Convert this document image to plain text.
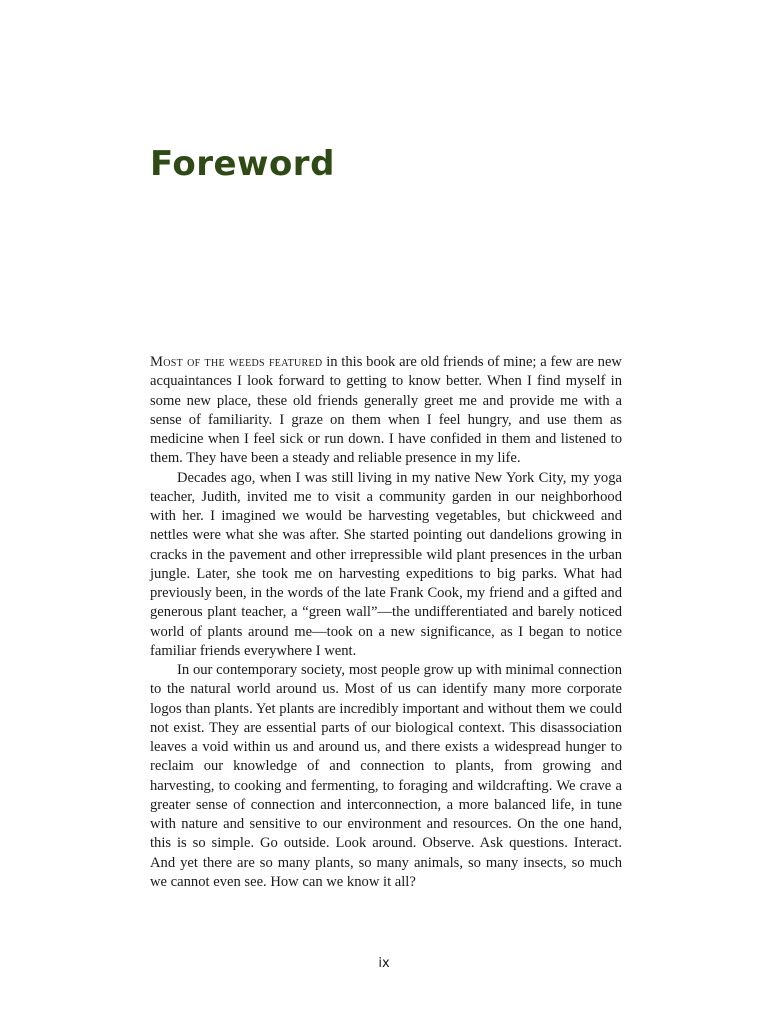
Foreword

Most of the weeds featured in this book are old friends of mine; a few are new acquaintances I look forward to getting to know better. When I find myself in some new place, these old friends generally greet me and provide me with a sense of familiarity. I graze on them when I feel hungry, and use them as medicine when I feel sick or run down. I have confided in them and listened to them. They have been a steady and reliable presence in my life.

Decades ago, when I was still living in my native New York City, my yoga teacher, Judith, invited me to visit a community garden in our neighborhood with her. I imagined we would be harvesting vegetables, but chickweed and nettles were what she was after. She started pointing out dandelions growing in cracks in the pavement and other irrepressible wild plant presences in the urban jungle. Later, she took me on harvesting expeditions to big parks. What had previously been, in the words of the late Frank Cook, my friend and a gifted and generous plant teacher, a “green wall”—the undifferentiated and barely noticed world of plants around me—took on a new significance, as I began to notice familiar friends everywhere I went.

In our contemporary society, most people grow up with minimal connection to the natural world around us. Most of us can identify many more corporate logos than plants. Yet plants are incredibly important and without them we could not exist. They are essential parts of our biological context. This disassociation leaves a void within us and around us, and there exists a widespread hunger to reclaim our knowledge of and connection to plants, from growing and harvesting, to cooking and fermenting, to foraging and wildcrafting. We crave a greater sense of connection and interconnection, a more balanced life, in tune with nature and sensitive to our environment and resources. On the one hand, this is so simple. Go outside. Look around. Observe. Ask questions. Interact. And yet there are so many plants, so many animals, so many insects, so much we cannot even see. How can we know it all?

ix
